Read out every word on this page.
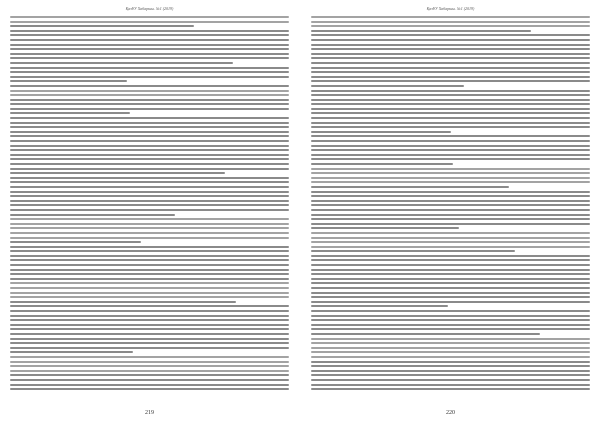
ҚазҰУ Хабаршы. №1 (2019)
219
ҚазҰУ Хабаршы. №1 (2019)
220
